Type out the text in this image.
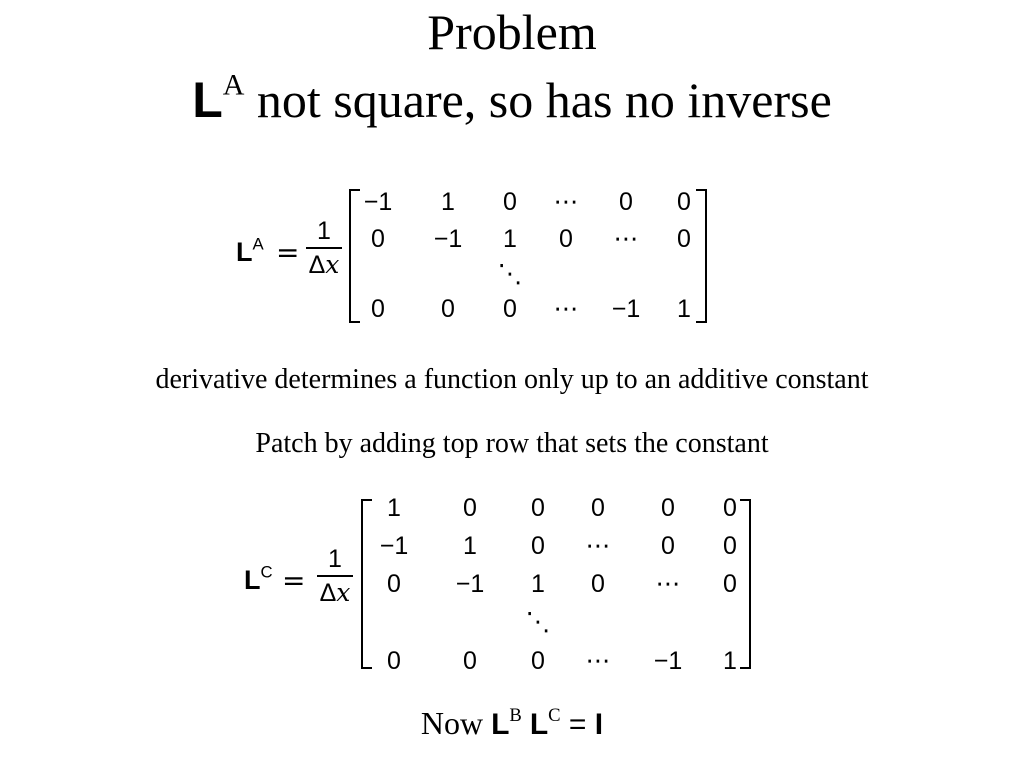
Problem
$L^A$ not square, so has no inverse
$L^A$ =
1
Δx
−1	1	0	⋯	0	0
0	−1	1	0	⋯	0
⋱
0	0	0	⋯	−1	1
derivative determines a function only up to an additive constant
Patch by adding top row that sets the constant
$L^C$ =
1
Δx
1	0	0	0	0	0
−1	1	0	⋯	0	0
0	−1	1	0	⋯	0
⋱
0	0	0	⋯	−1	1
Now $L^B$ $L^C = I$
